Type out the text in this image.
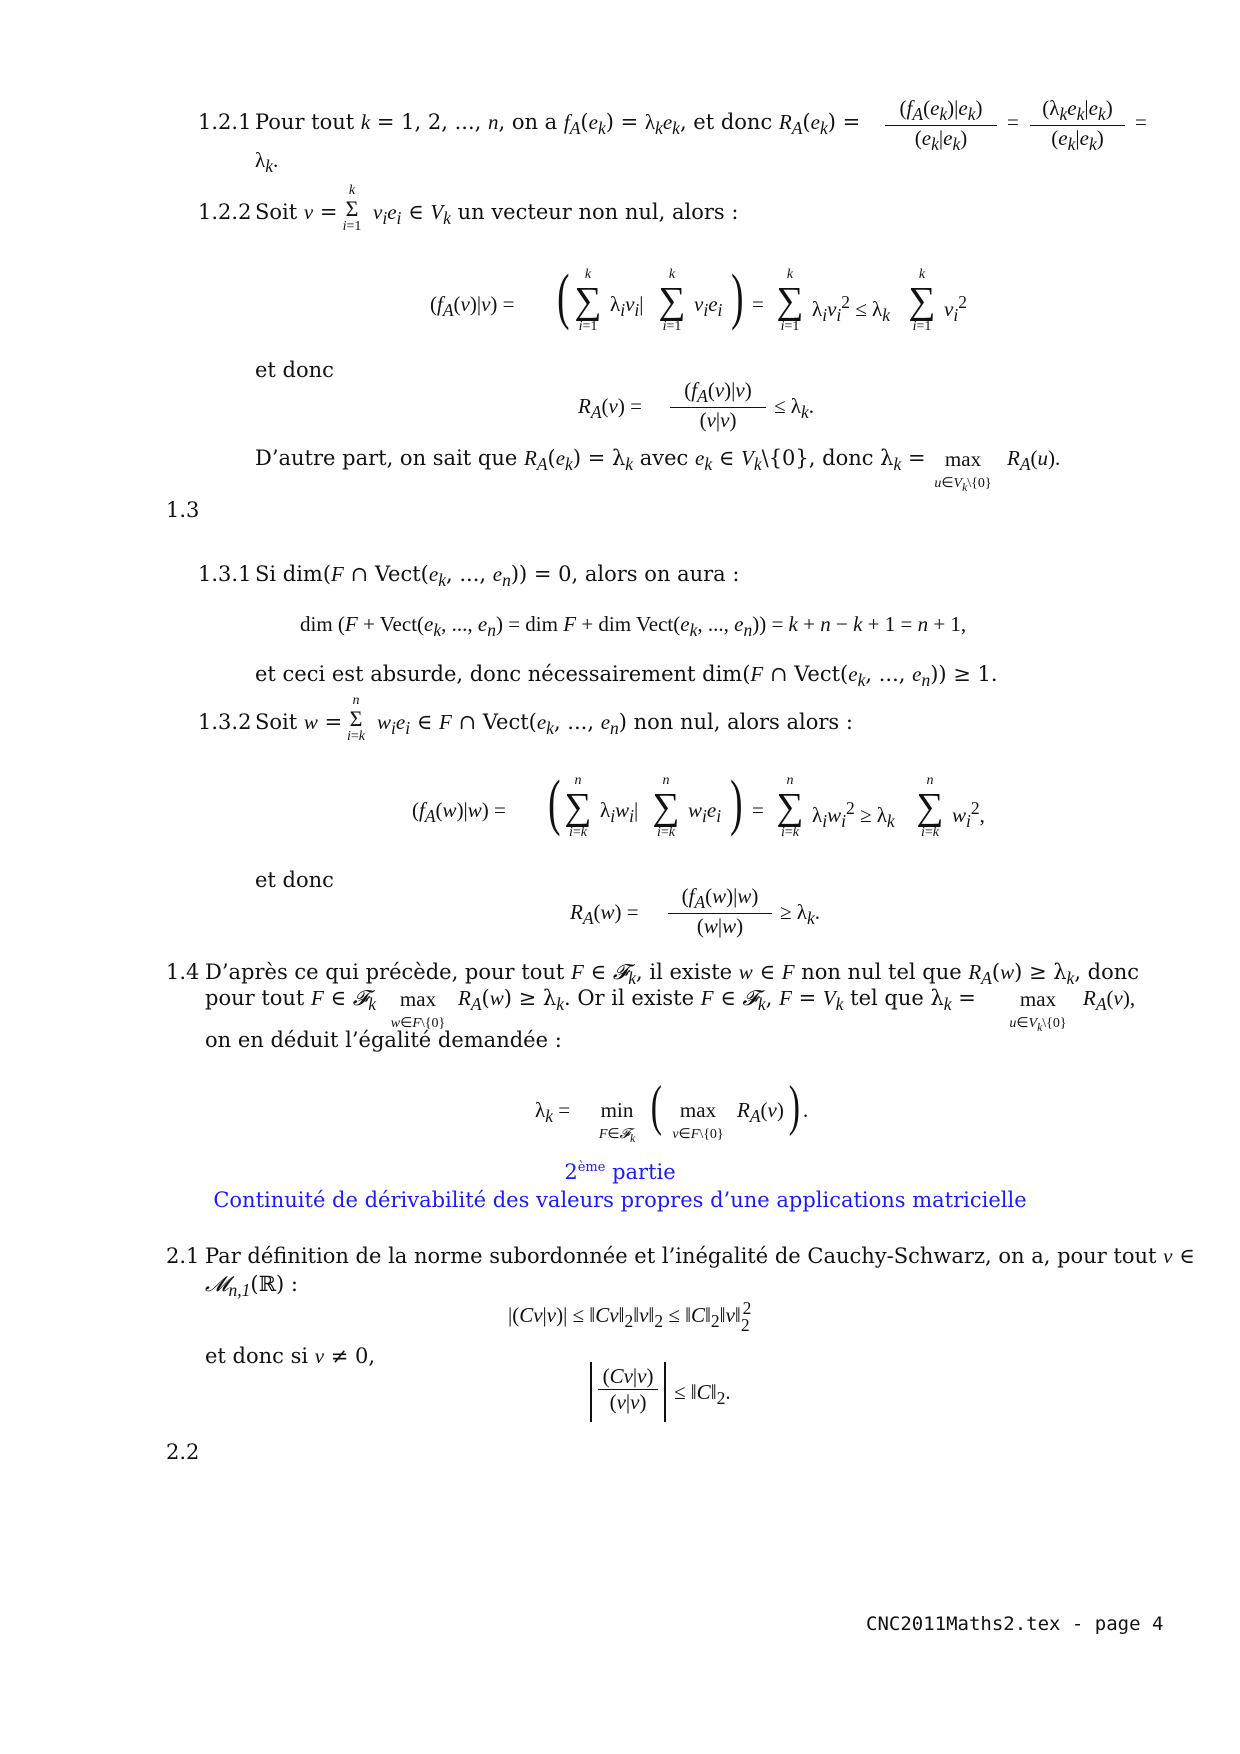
1.2.1 Pour tout k = 1, 2, ..., n, on a $f_A(e_k) = \lambda_ke_k$, et donc $R_A(e_k)$ =
$(f_A(e_k)|e_k)$
$(e_k|e_k)$
=
$(\lambda_ke_k|e_k)$
$(e_k|e_k)$
=
$\lambda_k$.
1.2.2 Soit v =
k
Σ
i=1
$v_ie_i$ ∈ $V_k$ un vecteur non nul, alors :
$(f_A(v)|v)$ = (	k
∑
i=1
$\lambda_iv_i|$
k
∑
i=1
$v_ie_i$ ) =
k
∑
i=1
$\lambda_iv_i^2 \le \lambda_k$
k
∑
i=1
$v_i^2$
et donc
$R_A(v)$ =
$(f_A(v)|v)$
(v|v)
≤ $\lambda_k$.
D’autre part, on sait que $R_A(e_k) = \lambda_k$ avec $e_k$ ∈ $V_k\backslash\{0\}$, donc $\lambda_k = \max$
$u\in V_k\backslash\{0\}$
$R_A(u)$.
1.3
1.3.1 Si dim(F ∩ $Vect(e_k$, ..., $e_n)) = 0$, alors on aura :
dim ($F + Vect(e_k$, ..., $e_n$) = dim F + dim $Vect(e_k$, ..., $e_n)) = k + n - k + 1 = n + 1$,
et ceci est absurde, donc nécessairement dim(F ∩ $Vect(e_k$, ..., $e_n)) \ge 1$.
1.3.2 Soit w =
n
Σ
i=k
$w_ie_i$ ∈ F ∩ $Vect(e_k$, ..., $e_n$) non nul, alors alors :
$(f_A(w)|w)$ = ( n
∑
i=k
$\lambda_iw_i|$
n
∑
i=k
$w_ie_i$ ) =
n
∑
i=k
$\lambda_iw_i^2 \ge \lambda_k$
n
∑
i=k
$w_i^2$,
et donc
$R_A(w)$ =
$(f_A(w)|w)$
(w|w)
≥ $\lambda_k$.
1.4 D’après ce qui précède, pour tout F ∈ 𝓕$_k$, il existe w ∈ F non nul tel que $R_A(w) \ge \lambda_k$, donc
pour tout F ∈ 𝓕$_k$	max
w∈F\{0}
$R_A(w) \ge \lambda_k$. Or il existe F ∈ 𝓕$_k$, $F = V_k$ tel que $\lambda_k$ =	max
$u\in V_k\backslash\{0\}$
$R_A(v)$,
on en déduit l’égalité demandée :
$\lambda_k$ =	min
F∈𝓕$_k$
( max
v∈F\{0}
$R_A(v)$ ) .
2ème partie
Continuité de dérivabilité des valeurs propres d’une applications matricielle
2.1 Par définition de la norme subordonnée et l’inégalité de Cauchy-Schwarz, on a, pour tout v ∈
𝓜$_{n,1}$(ℝ) :
$|(Cv|v)| \le ‖Cv‖_2‖v‖_2$ ≤ $‖C‖_2‖v‖_2^2$
et donc si v ≠ 0,
(Cv|v)
(v|v)	≤ $‖C‖_2$.
2.2
CNC2011Maths2.tex - page 4
